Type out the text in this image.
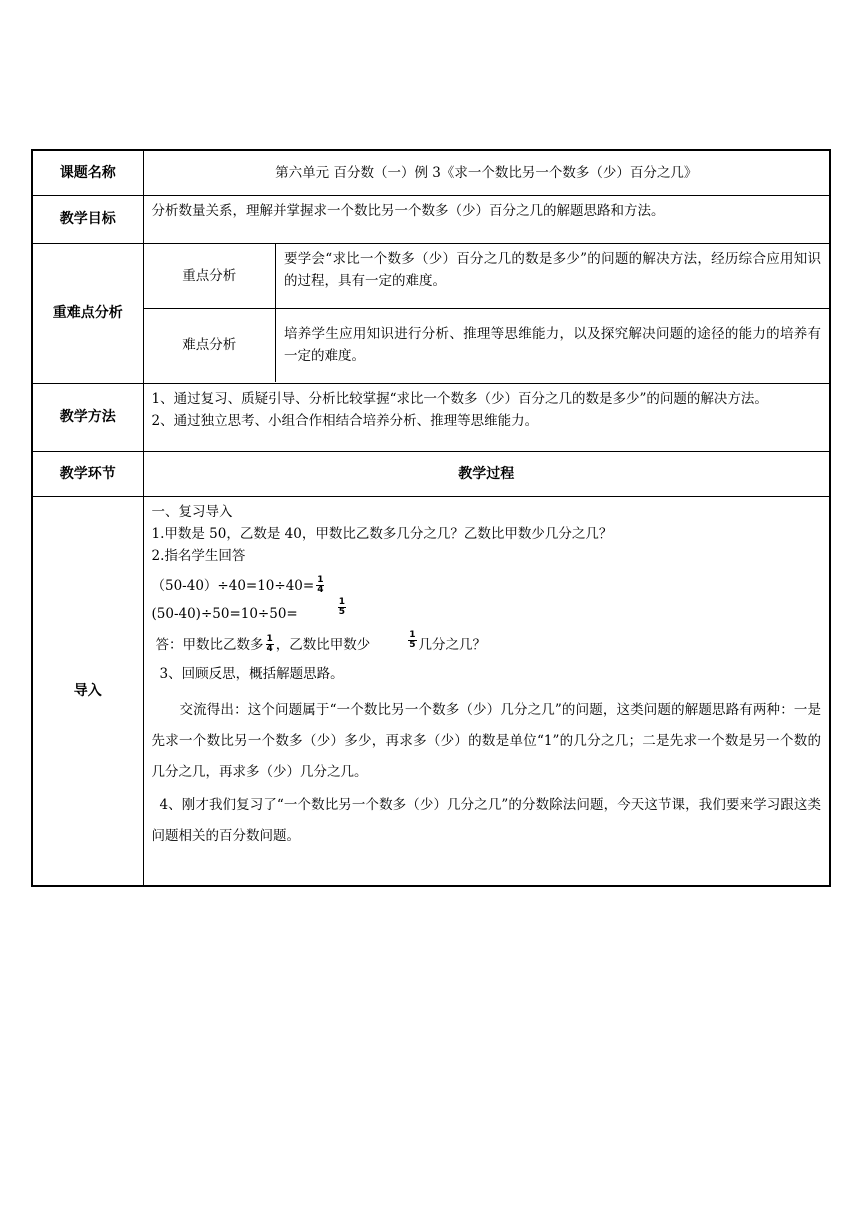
课题名称	第六单元 百分数（一）例 3《求一个数比另一个数多（少）百分之几》
教学目标	分析数量关系，理解并掌握求一个数比另一个数多（少）百分之几的解题思路和方法。
重难点分析	
重点分析	要学会“求比一个数多（少）百分之几的数是多少”的问题的解决方法，经历综合应用知识的过程，具有一定的难度。
难点分析	培养学生应用知识进行分析、推理等思维能力，以及探究解决问题的途径的能力的培养有一定的难度。

教学方法	

1、通过复习、质疑引导、分析比较掌握“求比一个数多（少）百分之几的数是多少”的问题的解决方法。

2、通过独立思考、小组合作相结合培养分析、推理等思维能力。

教学环节	教学过程
导入	

一、复习导入

1.甲数是 50，乙数是 40，甲数比乙数多几分之几？乙数比甲数少几分之几？

2.指名学生回答

$(50-40)\div 40=10\div 40= \frac{1}{4}$

(50-40)÷50=10÷50=	$\frac{1}{5}$

答：甲数比乙数多 $\frac{1}{4}$ ，乙数比甲数少	$\frac{1}{5}$ 几分之几？

3、回顾反思，概括解题思路。

交流得出：这个问题属于“一个数比另一个数多（少）几分之几”的问题，这类问题的解题思路有两种：一是先求一个数比另一个数多（少）多少，再求多（少）的数是单位“1”的几分之几；二是先求一个数是另一个数的几分之几，再求多（少）几分之几。

4、刚才我们复习了“一个数比另一个数多（少）几分之几”的分数除法问题，今天这节课，我们要来学习跟这类问题相关的百分数问题。
